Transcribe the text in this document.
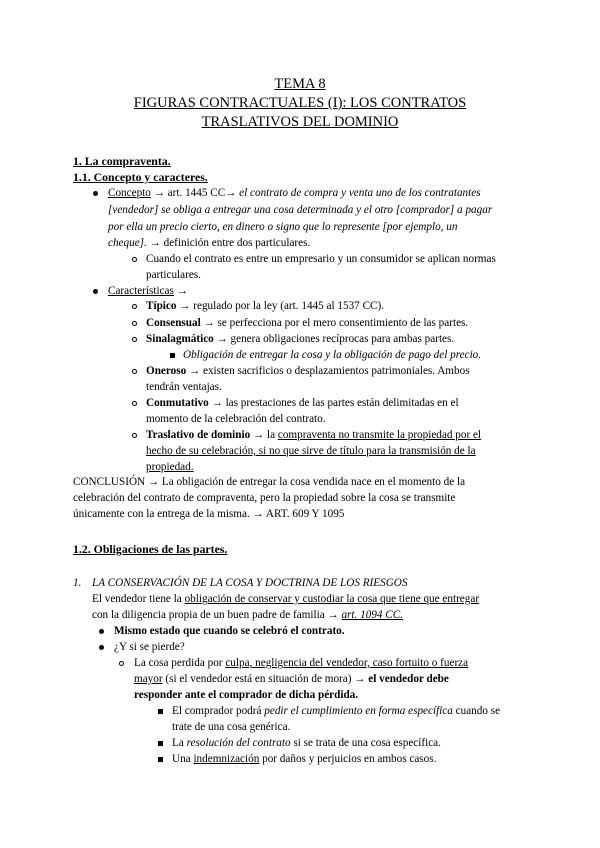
TEMA 8
FIGURAS CONTRACTUALES (I): LOS CONTRATOS
TRASLATIVOS DEL DOMINIO
1. La compraventa.
1.1. Concepto y caracteres.
Concepto → art. 1445 CC→ el contrato de compra y venta uno de los contratantes
[vendedor] se obliga a entregar una cosa determinada y el otro [comprador] a pagar
por ella un precio cierto, en dinero o signo que lo represente [por ejemplo, un
cheque]. → definición entre dos particulares.
Cuando el contrato es entre un empresario y un consumidor se aplican normas
particulares.
Características →
Típico → regulado por la ley (art. 1445 al 1537 CC).
Consensual → se perfecciona por el mero consentimiento de las partes.
Sinalagmático → genera obligaciones recíprocas para ambas partes.
Obligación de entregar la cosa y la obligación de pago del precio.
Oneroso → existen sacrificios o desplazamientos patrimoniales. Ambos
tendrán ventajas.
Conmutativo → las prestaciones de las partes están delimitadas en el
momento de la celebración del contrato.
Traslativo de dominio → la compraventa no transmite la propiedad por el
hecho de su celebración, si no que sirve de título para la transmisión de la
propiedad.
CONCLUSIÓN → La obligación de entregar la cosa vendida nace en el momento de la
celebración del contrato de compraventa, pero la propiedad sobre la cosa se transmite
únicamente con la entrega de la misma. → ART. 609 Y 1095
1.2. Obligaciones de las partes.
1. LA CONSERVACIÓN DE LA COSA Y DOCTRINA DE LOS RIESGOS
El vendedor tiene la obligación de conservar y custodiar la cosa que tiene que entregar
con la diligencia propia de un buen padre de familia → art. 1094 CC.
Mismo estado que cuando se celebró el contrato.
¿Y si se pierde?
La cosa perdida por culpa, negligencia del vendedor, caso fortuito o fuerza
mayor (si el vendedor está en situación de mora) → el vendedor debe
responder ante el comprador de dicha pérdida.
El comprador podrá pedir el cumplimiento en forma específica cuando se
trate de una cosa genérica.
La resolución del contrato si se trata de una cosa específica.
Una indemnización por daños y perjuicios en ambos casos.
